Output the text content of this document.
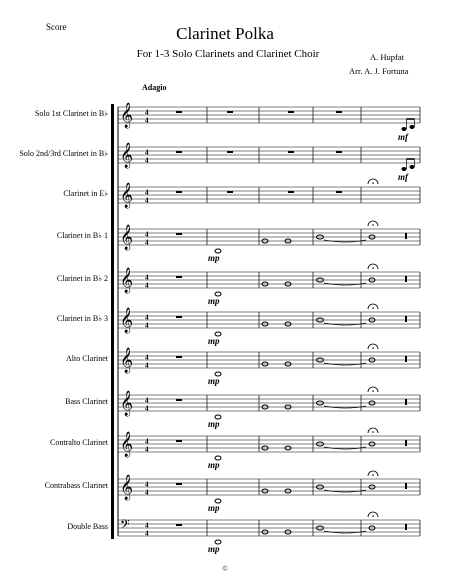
Score	Clarinet Polka
For 1-3 Solo Clarinets and Clarinet Choir	A. Hupfat
Arr. A. J. Fortuna
Adagio
Solo 1st Clarinet in B♭
Solo 2nd/3rd Clarinet in B♭
Clarinet in E♭
Clarinet in B♭ 1
Clarinet in B♭ 2
Clarinet in B♭ 3
Alto Clarinet
Bass Clarinet
Contralto Clarinet
Contrabass Clarinet
Double Bass
𝄞 4
4
mf
𝄞 4
4
mf
𝄞 4
4
𝄞 4
4
mp
𝄞 4
4
mp
𝄞 4
4
mp
𝄞 4
4
mp
𝄞 4
4
mp
𝄞 4
4
mp
𝄞 4
4
mp
𝄢 4
4
mp
©
